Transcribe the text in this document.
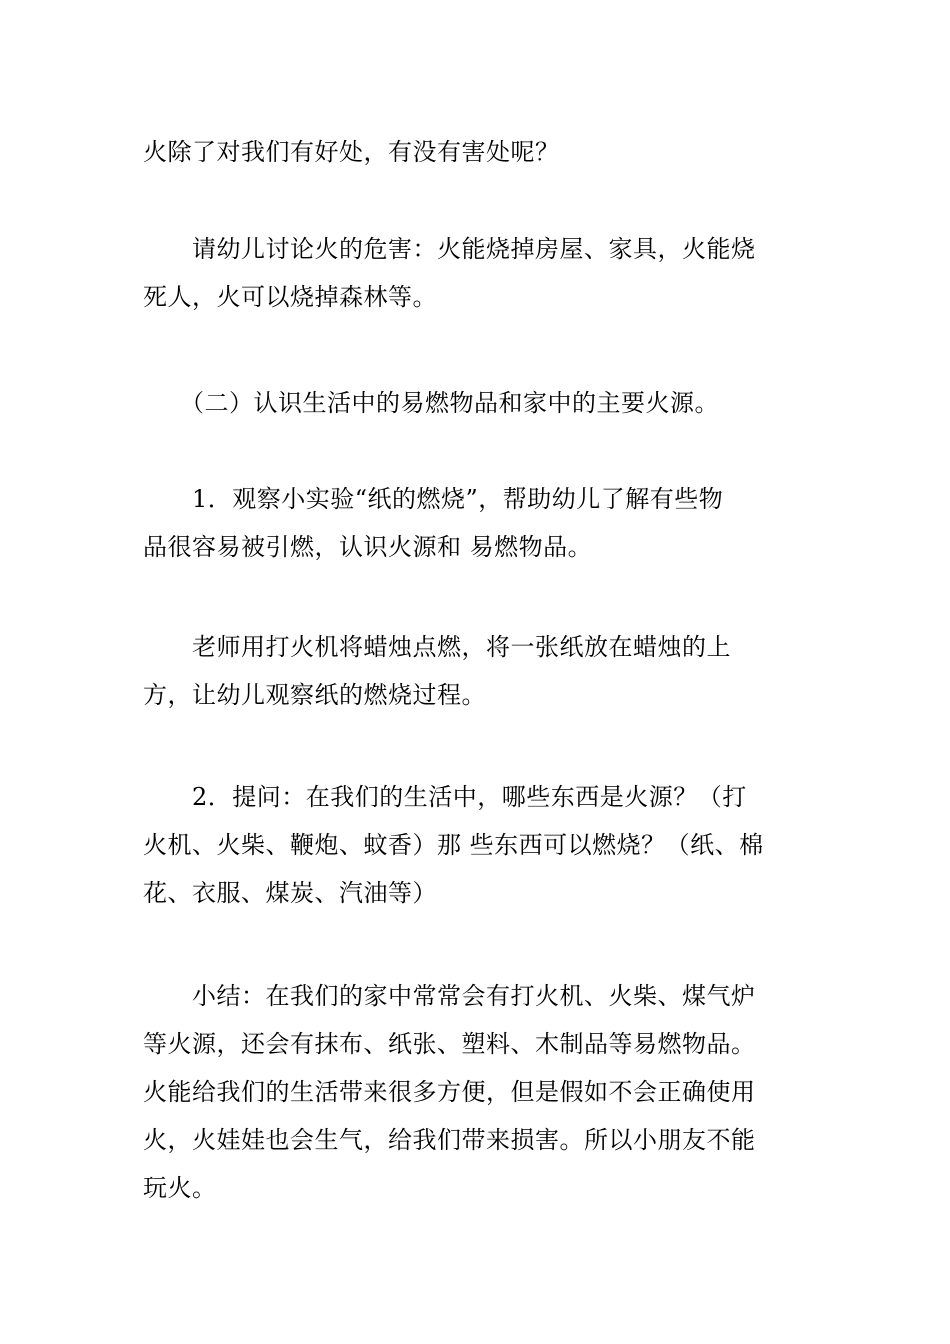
火除了对我们有好处，有没有害处呢？
　　请幼儿讨论火的危害：火能烧掉房屋、家具，火能烧
死人，火可以烧掉森林等。
　　（二）认识生活中的易燃物品和家中的主要火源。
　　1．观察小实验“纸的燃烧”，帮助幼儿了解有些物
品很容易被引燃，认识火源和 易燃物品。
　　老师用打火机将蜡烛点燃，将一张纸放在蜡烛的上
方，让幼儿观察纸的燃烧过程。
　　2．提问：在我们的生活中，哪些东西是火源？（打
火机、火柴、鞭炮、蚊香）那 些东西可以燃烧？（纸、棉
花、衣服、煤炭、汽油等）
　　小结：在我们的家中常常会有打火机、火柴、煤气炉
等火源，还会有抹布、纸张、塑料、木制品等易燃物品。
火能给我们的生活带来很多方便，但是假如不会正确使用
火，火娃娃也会生气，给我们带来损害。所以小朋友不能
玩火。
